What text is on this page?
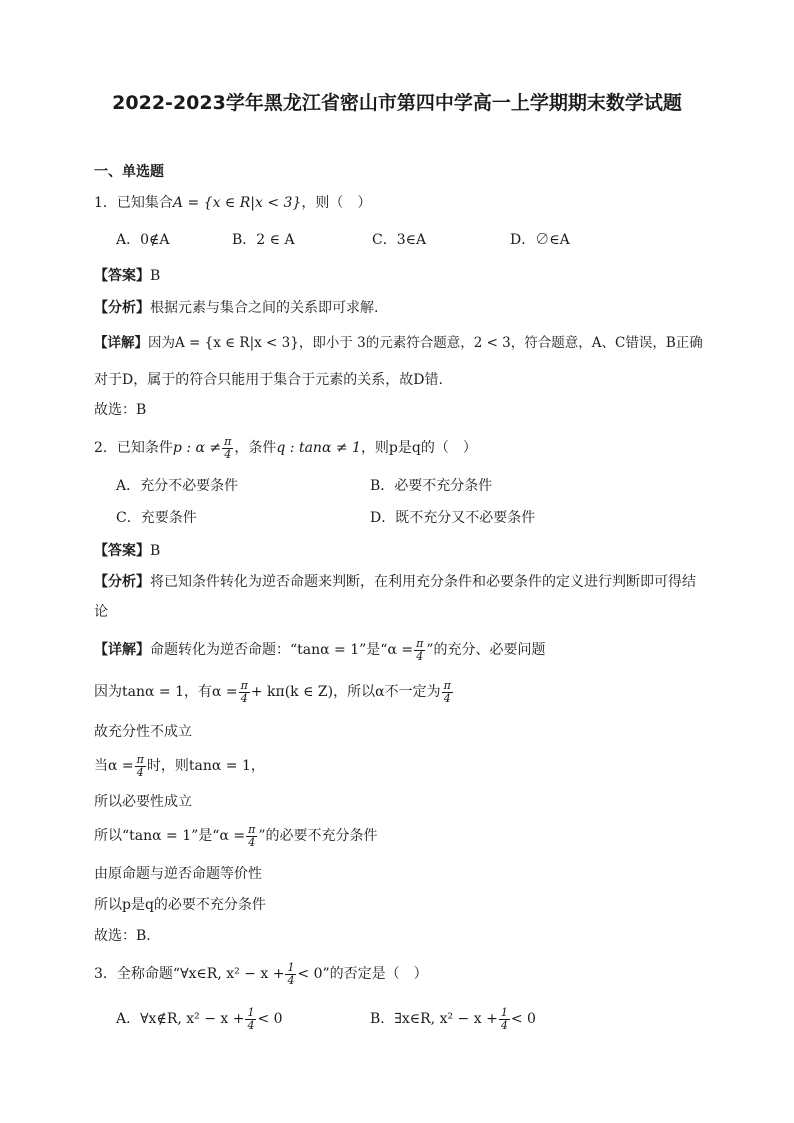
2022-2023学年黑龙江省密山市第四中学高一上学期期末数学试题
一、单选题
1．已知集合A = {x ∈ R|x < 3}，则（　）
A．0∉A	B．2 ∈ A	C．3∈A	D．∅∈A
【答案】B
【分析】根据元素与集合之间的关系即可求解.
【详解】因为A = {x ∈ R|x < 3}，即小于 3的元素符合题意，2 < 3，符合题意，A、C错误，B正确
对于D，属于的符合只能用于集合于元素的关系，故D错.
故选：B
2．已知条件p : $\alpha \ne \frac{\pi}{4}$ ，条件q : tanα ≠ 1，则p是q的（　）
A．充分不必要条件	B．必要不充分条件
C．充要条件	D．既不充分又不必要条件
【答案】B
【分析】将已知条件转化为逆否命题来判断，在利用充分条件和必要条件的定义进行判断即可得结
论
【详解】命题转化为逆否命题：“tanα = 1”是“$\alpha = \frac{\pi}{4}$ ”的充分、必要问题
因为tanα = 1，有$\alpha = \frac{\pi}{4} + k\pi(k$ ∈ Z)，所以α不一定为 $\frac{\pi}{4}$
故充分性不成立
当$\alpha = \frac{\pi}{4}$ 时，则tanα = 1，
所以必要性成立
所以“tanα = 1”是“$\alpha = \frac{\pi}{4}$ ”的必要不充分条件
由原命题与逆否命题等价性
所以p是q的必要不充分条件
故选：B.
3．全称命题“∀x∈R, $x^2 - x + \frac{1}{4} < 0$”的否定是（　）
A．∀x∉R, $x^2 - x + \frac{1}{4} < 0$	B．∃x∈R, $x^2 - x + \frac{1}{4} < 0$
